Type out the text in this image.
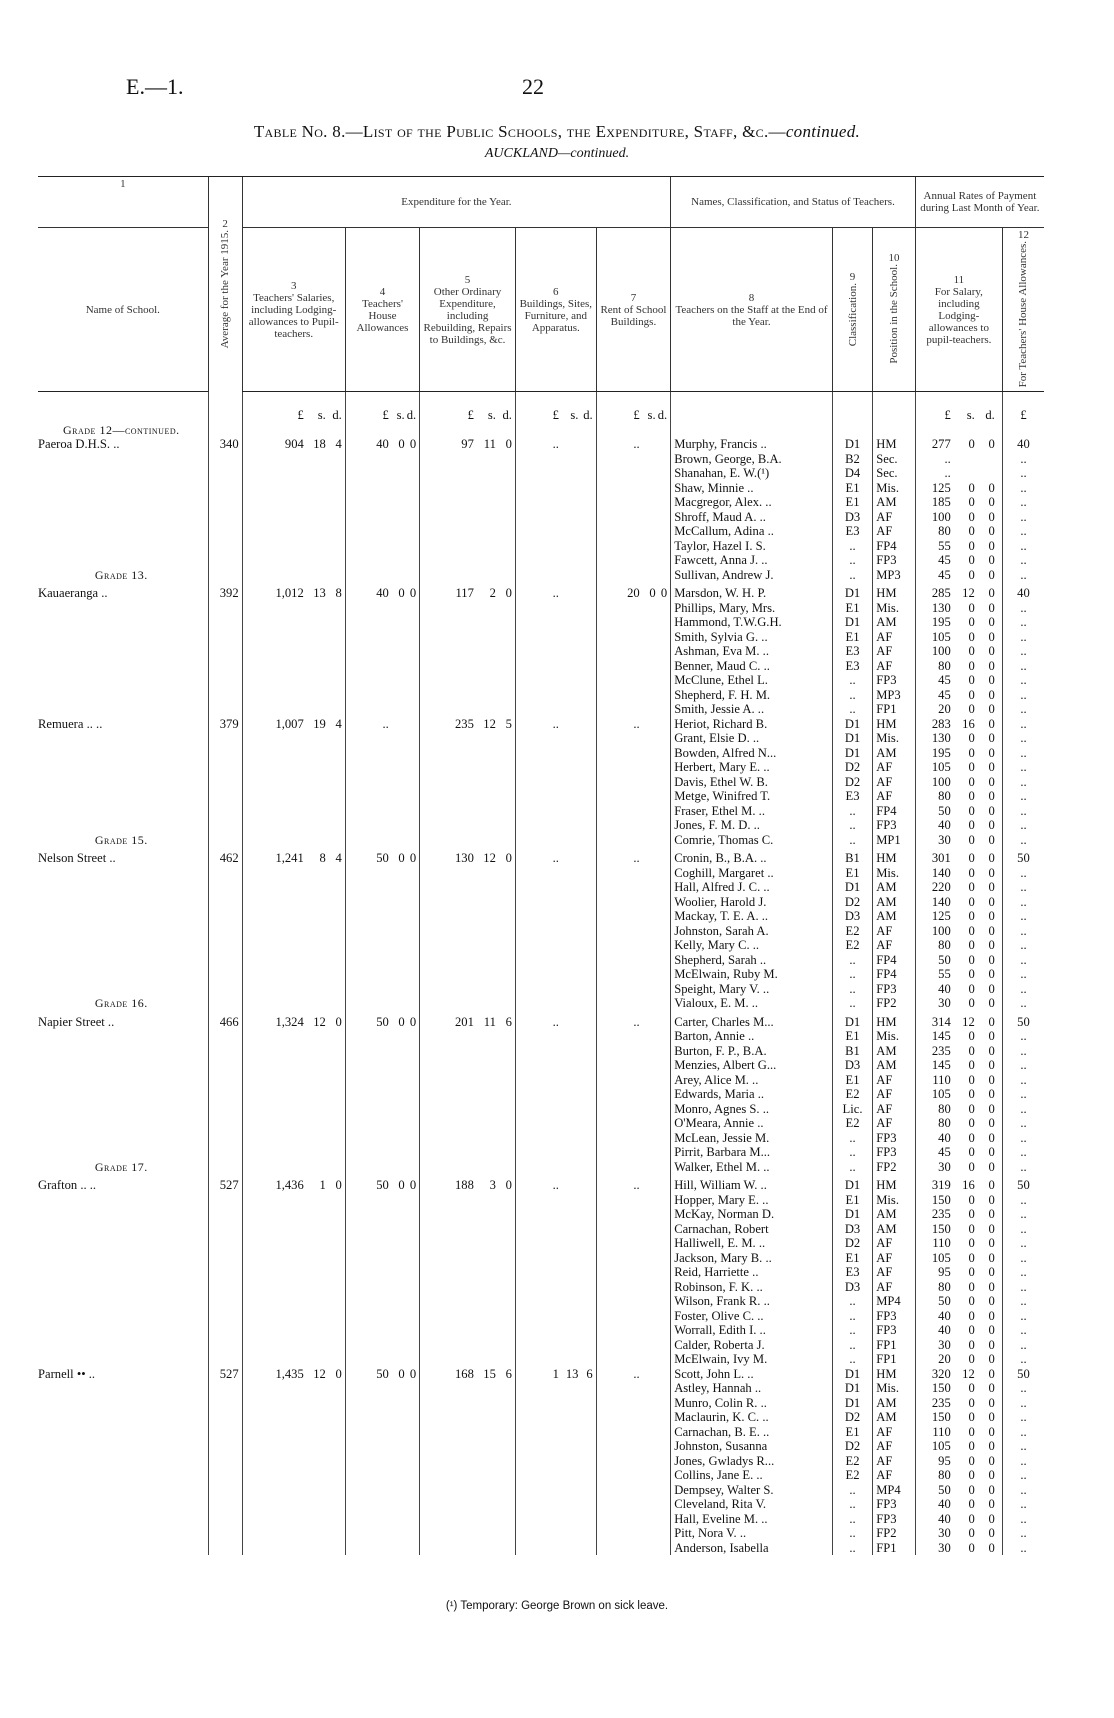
E.—1.	22
Table No. 8.—List of the Public Schools, the Expenditure, Staff, &c.—continued.
AUCKLAND—continued.
1	2
Average for the Year 1915.	Expenditure for the Year.					Names, Classification, and Status of Teachers.			Annual Rates of Payment during Last Month of Year.	
Name of School.		3
Teachers' Salaries, including Lodging-allowances to Pupil-teachers.	4
Teachers' House Allowances	5
Other Ordinary Expenditure, including Rebuilding, Repairs to Buildings, &c.	6
Buildings, Sites, Furniture, and Apparatus.	7
Rent of School Buildings.	8
Teachers on the Staff at the End of the Year.	9
Classification.	10
Position in the School.	11
For Salary, including Lodging-allowances to pupil-teachers.	12
For Teachers' House Allowances.

		£ s. d.	£ s. d.	£ s. d.	£ s. d.	£ s. d.				£ s. d.	£

Grade 12—continued.											

Paeroa D.H.S. ..	340	904 18 4	40 0 0	97 11 0	..	..	Murphy, Francis ..	D1	HM	277 0 0	40

	Brown, George, B.A.	B2	Sec.	..	..

	Shanahan, E. W.(¹)	D4	Sec.	..	..

	Shaw, Minnie ..	E1	Mis.	125 0 0	..

	Macgregor, Alex. ..	E1	AM	185 0 0	..

	Shroff, Maud A. ..	D3	AF	100 0 0	..

	McCallum, Adina ..	E3	AF	80 0 0	..

	Taylor, Hazel I. S.	..	FP4	55 0 0	..

	Fawcett, Anna J. ..	..	FP3	45 0 0	..

Grade 13.							Sullivan, Andrew J.	..	MP3	45 0 0	..
Kauaeranga ..	392	1,012 13 8	40 0 0	117 2 0	..	20 0 0	Marsdon, W. H. P.	D1	HM	285 12 0	40

	Phillips, Mary, Mrs.	E1	Mis.	130 0 0	..

	Hammond, T.W.G.H.	D1	AM	195 0 0	..

	Smith, Sylvia G. ..	E1	AF	105 0 0	..

	Ashman, Eva M. ..	E3	AF	100 0 0	..

	Benner, Maud C. ..	E3	AF	80 0 0	..

	McClune, Ethel L.	..	FP3	45 0 0	..

	Shepherd, F. H. M.	..	MP3	45 0 0	..

	Smith, Jessie A. ..	..	FP1	20 0 0	..
Remuera .. ..	379	1,007 19 4	..	235 12 5	..	..	Heriot, Richard B.	D1	HM	283 16 0	..

	Grant, Elsie D. ..	D1	Mis.	130 0 0	..

	Bowden, Alfred N...	D1	AM	195 0 0	..

	Herbert, Mary E. ..	D2	AF	105 0 0	..

	Davis, Ethel W. B.	D2	AF	100 0 0	..

	Metge, Winifred T.	E3	AF	80 0 0	..

	Fraser, Ethel M. ..	..	FP4	50 0 0	..

	Jones, F. M. D. ..	..	FP3	40 0 0	..

Grade 15.							Comrie, Thomas C.	..	MP1	30 0 0	..
Nelson Street ..	462	1,241 8 4	50 0 0	130 12 0	..	..	Cronin, B., B.A. ..	B1	HM	301 0 0	50

	Coghill, Margaret ..	E1	Mis.	140 0 0	..

	Hall, Alfred J. C. ..	D1	AM	220 0 0	..

	Woolier, Harold J.	D2	AM	140 0 0	..

	Mackay, T. E. A. ..	D3	AM	125 0 0	..

	Johnston, Sarah A.	E2	AF	100 0 0	..

	Kelly, Mary C. ..	E2	AF	80 0 0	..

	Shepherd, Sarah ..	..	FP4	50 0 0	..

	McElwain, Ruby M.	..	FP4	55 0 0	..

	Speight, Mary V. ..	..	FP3	40 0 0	..

Grade 16.							Vialoux, E. M. ..	..	FP2	30 0 0	..
Napier Street ..	466	1,324 12 0	50 0 0	201 11 6	..	..	Carter, Charles M...	D1	HM	314 12 0	50

	Barton, Annie ..	E1	Mis.	145 0 0	..

	Burton, F. P., B.A.	B1	AM	235 0 0	..

	Menzies, Albert G...	D3	AM	145 0 0	..

	Arey, Alice M. ..	E1	AF	110 0 0	..

	Edwards, Maria ..	E2	AF	105 0 0	..

	Monro, Agnes S. ..	Lic.	AF	80 0 0	..

	O'Meara, Annie ..	E2	AF	80 0 0	..

	McLean, Jessie M.	..	FP3	40 0 0	..

	Pirrit, Barbara M...	..	FP3	45 0 0	..

Grade 17.							Walker, Ethel M. ..	..	FP2	30 0 0	..
Grafton .. ..	527	1,436 1 0	50 0 0	188 3 0	..	..	Hill, William W. ..	D1	HM	319 16 0	50

	Hopper, Mary E. ..	E1	Mis.	150 0 0	..

	McKay, Norman D.	D1	AM	235 0 0	..

	Carnachan, Robert	D3	AM	150 0 0	..

	Halliwell, E. M. ..	D2	AF	110 0 0	..

	Jackson, Mary B. ..	E1	AF	105 0 0	..

	Reid, Harriette ..	E3	AF	95 0 0	..

	Robinson, F. K. ..	D3	AF	80 0 0	..

	Wilson, Frank R. ..	..	MP4	50 0 0	..

	Foster, Olive C. ..	..	FP3	40 0 0	..

	Worrall, Edith I. ..	..	FP3	40 0 0	..

	Calder, Roberta J.	..	FP1	30 0 0	..

	McElwain, Ivy M.	..	FP1	20 0 0	..
Parnell •• ..	527	1,435 12 0	50 0 0	168 15 6	1 13 6	..	Scott, John L. ..	D1	HM	320 12 0	50

	Astley, Hannah ..	D1	Mis.	150 0 0	..

	Munro, Colin R. ..	D1	AM	235 0 0	..

	Maclaurin, K. C. ..	D2	AM	150 0 0	..

	Carnachan, B. E. ..	E1	AF	110 0 0	..

	Johnston, Susanna	D2	AF	105 0 0	..

	Jones, Gwladys R...	E2	AF	95 0 0	..

	Collins, Jane E. ..	E2	AF	80 0 0	..

	Dempsey, Walter S.	..	MP4	50 0 0	..

	Cleveland, Rita V.	..	FP3	40 0 0	..

	Hall, Eveline M. ..	..	FP3	40 0 0	..

	Pitt, Nora V. ..	..	FP2	30 0 0	..

	Anderson, Isabella	..	FP1	30 0 0	..
(¹) Temporary: George Brown on sick leave.
